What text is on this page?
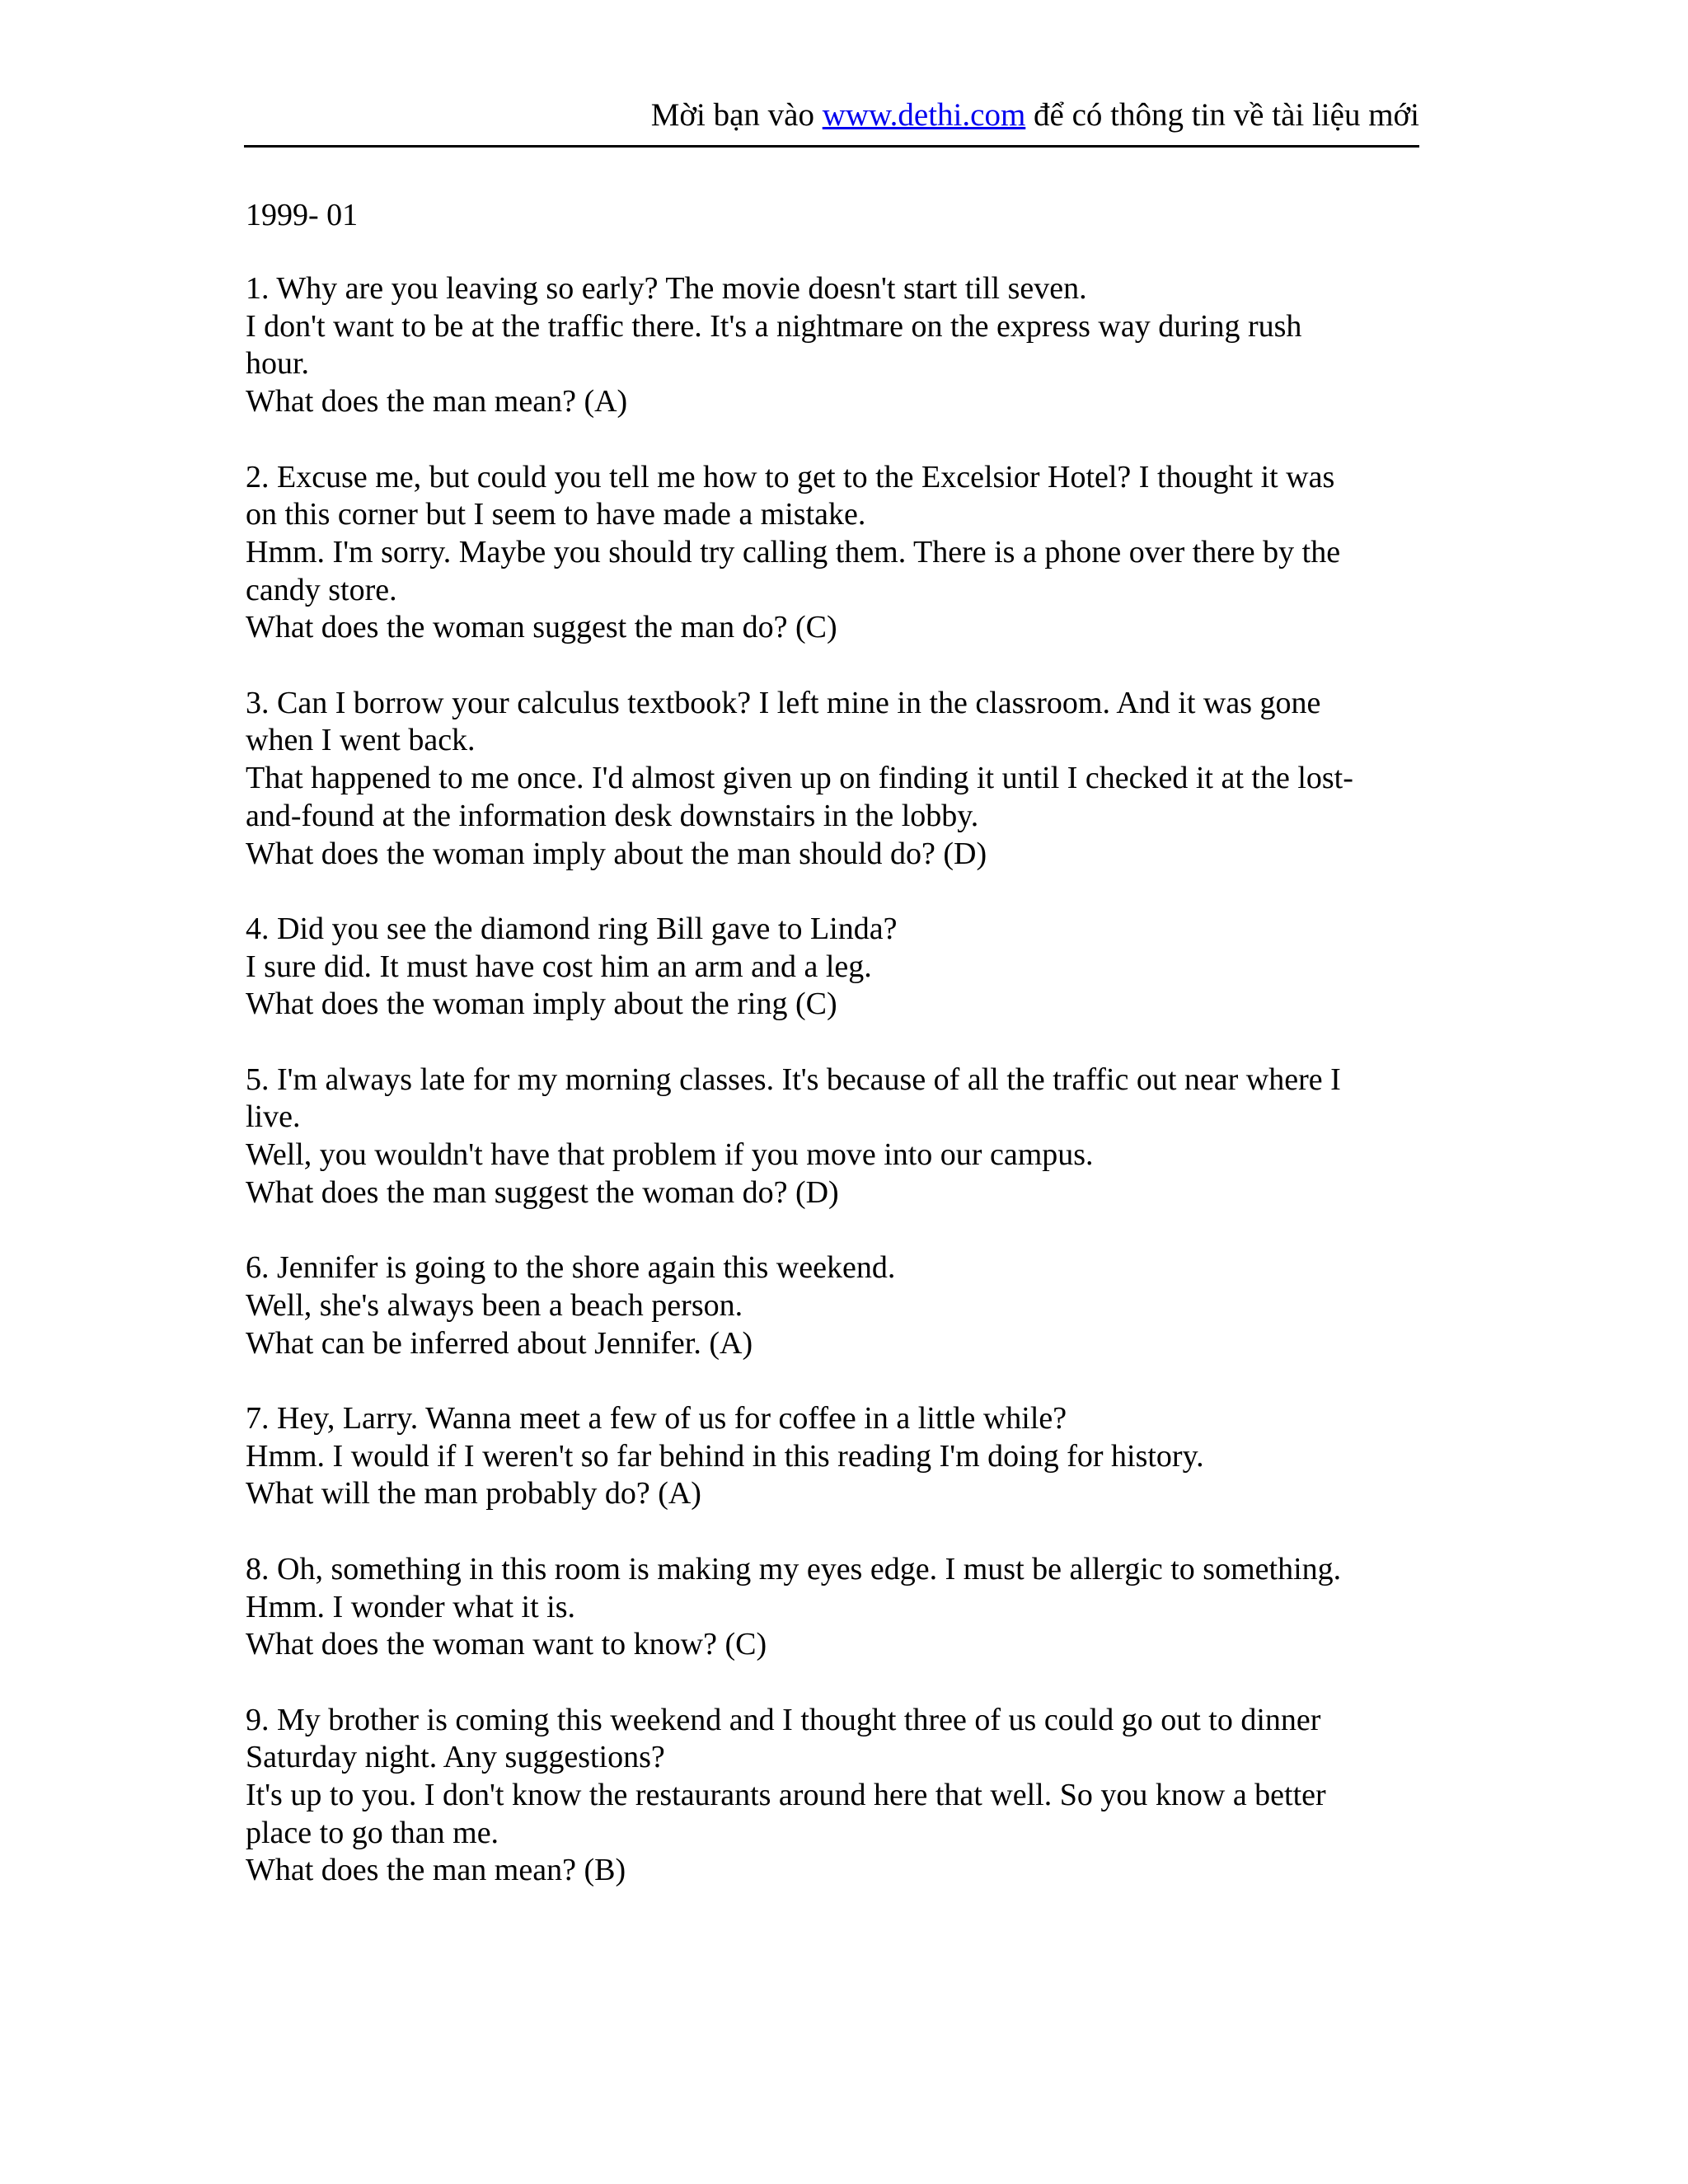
Mời bạn vào www.dethi.com để có thông tin về tài liệu mới
1999- 01
1. Why are you leaving so early? The movie doesn't start till seven.
I don't want to be at the traffic there. It's a nightmare on the express way during rush
hour.
What does the man mean? (A)
2. Excuse me, but could you tell me how to get to the Excelsior Hotel? I thought it was
on this corner but I seem to have made a mistake.
Hmm. I'm sorry. Maybe you should try calling them. There is a phone over there by the
candy store.
What does the woman suggest the man do? (C)
3. Can I borrow your calculus textbook? I left mine in the classroom. And it was gone
when I went back.
That happened to me once. I'd almost given up on finding it until I checked it at the lost-
and-found at the information desk downstairs in the lobby.
What does the woman imply about the man should do? (D)
4. Did you see the diamond ring Bill gave to Linda?
I sure did. It must have cost him an arm and a leg.
What does the woman imply about the ring (C)
5. I'm always late for my morning classes. It's because of all the traffic out near where I
live.
Well, you wouldn't have that problem if you move into our campus.
What does the man suggest the woman do? (D)
6. Jennifer is going to the shore again this weekend.
Well, she's always been a beach person.
What can be inferred about Jennifer. (A)
7. Hey, Larry. Wanna meet a few of us for coffee in a little while?
Hmm. I would if I weren't so far behind in this reading I'm doing for history.
What will the man probably do? (A)
8. Oh, something in this room is making my eyes edge. I must be allergic to something.
Hmm. I wonder what it is.
What does the woman want to know? (C)
9. My brother is coming this weekend and I thought three of us could go out to dinner
Saturday night. Any suggestions?
It's up to you. I don't know the restaurants around here that well. So you know a better
place to go than me.
What does the man mean? (B)
